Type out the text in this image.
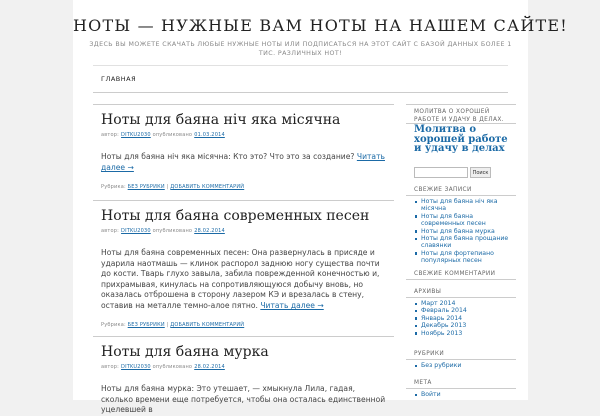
НОТЫ — НУЖНЫЕ ВАМ НОТЫ НА НАШЕМ САЙТЕ!
ЗДЕСЬ ВЫ МОЖЕТЕ СКАЧАТЬ ЛЮБЫЕ НУЖНЫЕ НОТЫ ИЛИ ПОДПИСАТЬСЯ НА ЭТОТ САЙТ С БАЗОЙ ДАННЫХ БОЛЕЕ 1 ТИС. РАЗЛИЧНЫХ НОТ!
ГЛАВНАЯ
Ноты для баяна ніч яка місячна
автор: DITKU2030 опубликовано 01.03.2014
Ноты для баяна ніч яка місячна: Кто это? Что это за создание? Читать далее →
Рубрика: БЕЗ РУБРИКИ | ДОБАВИТЬ КОММЕНТАРИЙ
Ноты для баяна современных песен
автор: DITKU2030 опубликовано 28.02.2014
Ноты для баяна современных песен: Она развернулась в присяде и ударила наотмашь — клинок распорол заднюю ногу существа почти до кости. Тварь глухо завыла, забила поврежденной конечностью и, прихрамывая, кинулась на сопротивляющуюся добычу вновь, но оказалась отброшена в сторону лазером КЭ и врезалась в стену, оставив на металле темно-алое пятно. Читать далее →
Рубрика: БЕЗ РУБРИКИ | ДОБАВИТЬ КОММЕНТАРИЙ
Ноты для баяна мурка
автор: DITKU2030 опубликовано 28.02.2014
Ноты для баяна мурка: Это утешает, — хмыкнула Лила, гадая, сколько времени еще потребуется, чтобы она осталась единственной уцелевшей в
МОЛИТВА О ХОРОШЕЙ РАБОТЕ И УДАЧУ В ДЕЛАХ.
Молитва о хорошей работе и удачу в делах
Поиск
СВЕЖИЕ ЗАПИСИ
Ноты для баяна ніч яка місячна
Ноты для баяна современных песен
Ноты для баяна мурка
Ноты для баяна прощание славянки
Ноты для фортепиано популярных песен
СВЕЖИЕ КОММЕНТАРИИ
АРХИВЫ
Март 2014
Февраль 2014
Январь 2014
Декабрь 2013
Ноябрь 2013
РУБРИКИ
Без рубрики
МЕТА
Войти
